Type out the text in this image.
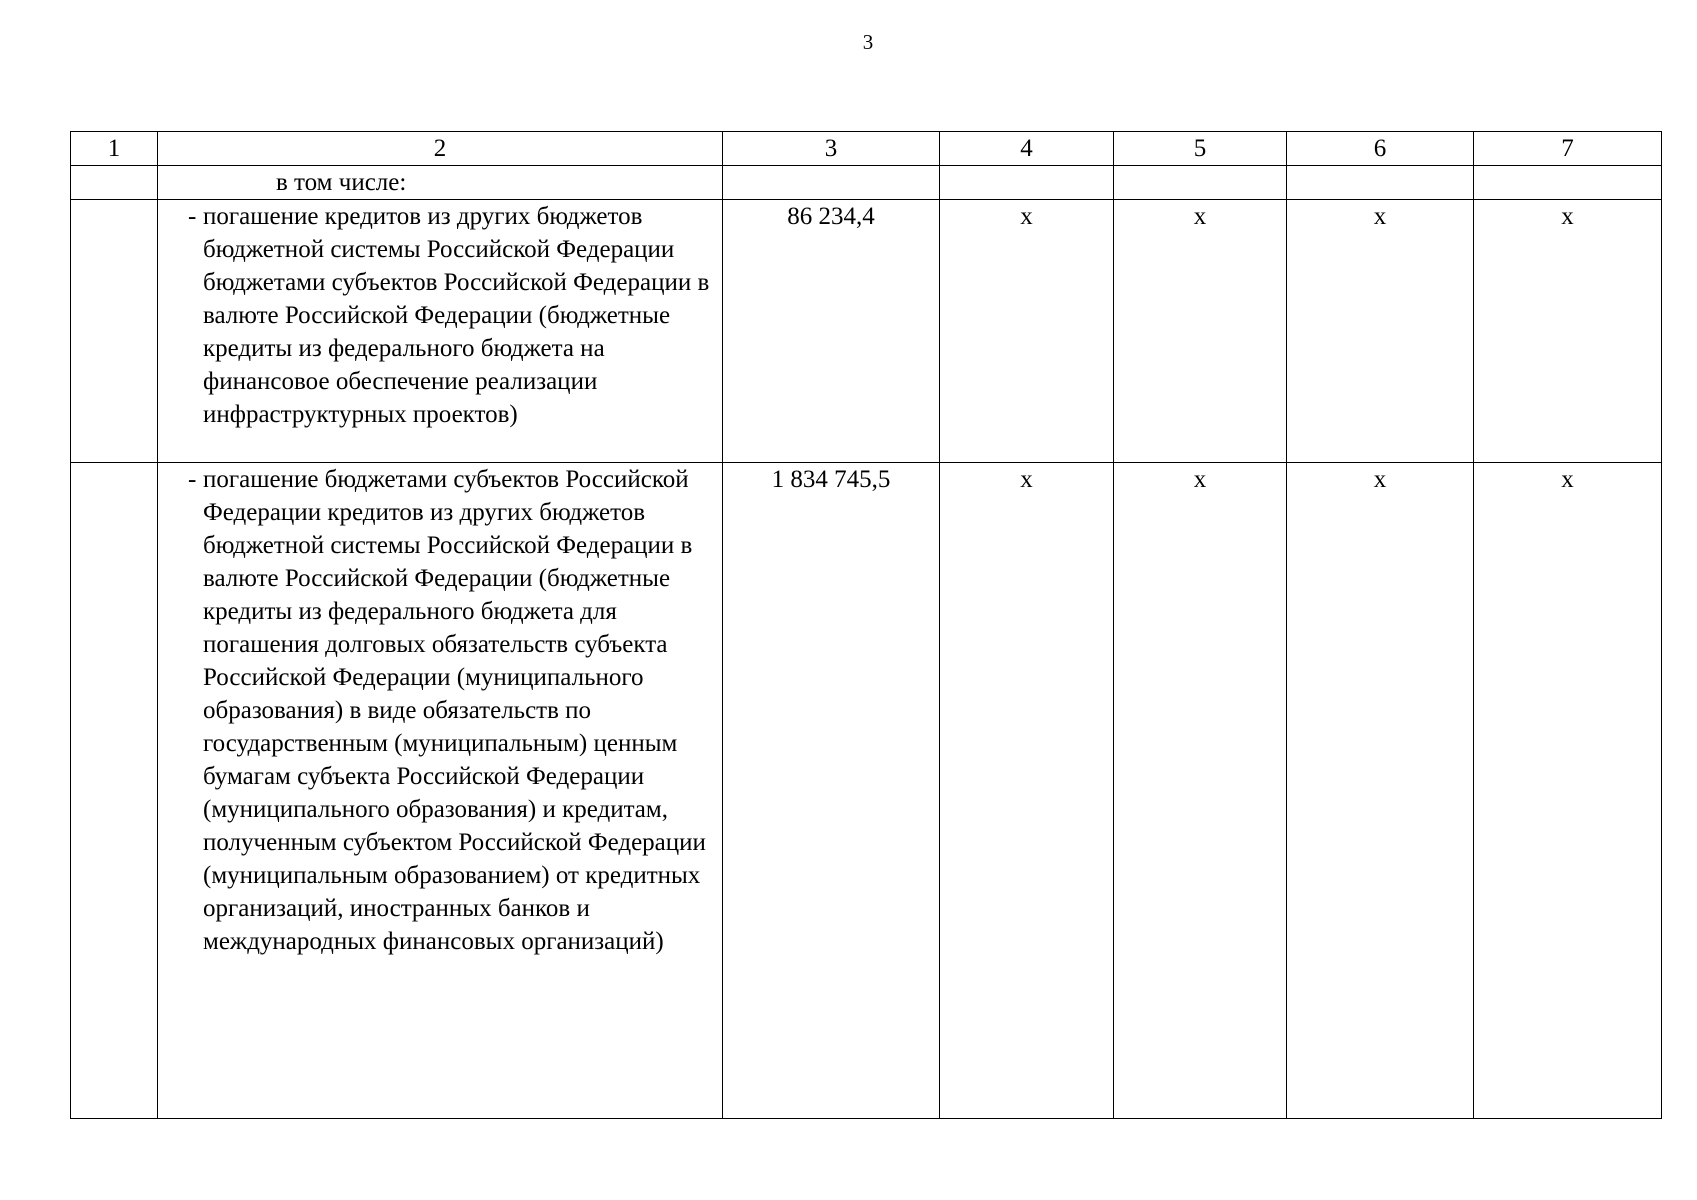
3
1	2	3	4	5	6	7
	в том числе:					

	- погашение кредитов из других бюджетов бюджетной системы Российской Федерации бюджетами субъектов Российской Федерации в валюте Российской Федерации (бюджетные кредиты из федерального бюджета на финансовое обеспечение реализации инфраструктурных проектов)	86 234,4	х	х	х	х

	- погашение бюджетами субъектов Российской Федерации кредитов из других бюджетов бюджетной системы Российской Федерации в валюте Российской Федерации (бюджетные кредиты из федерального бюджета для погашения долговых обязательств субъекта Российской Федерации (муниципального образования) в виде обязательств по государственным (муниципальным) ценным бумагам субъекта Российской Федерации (муниципального образования) и кредитам, полученным субъектом Российской Федерации (муниципальным образованием) от кредитных организаций, иностранных банков и международных финансовых организаций)	1 834 745,5	х	х	х	х
